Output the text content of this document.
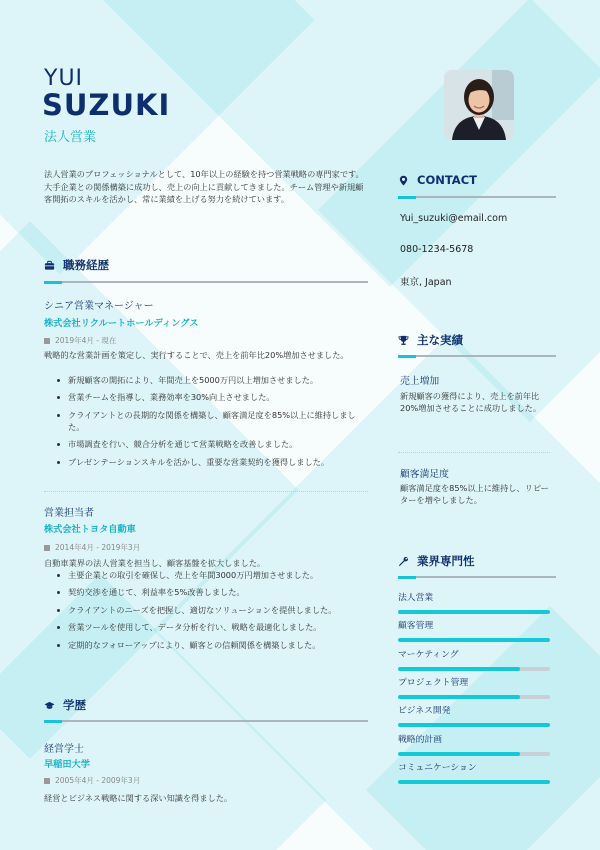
YUI
SUZUKI
法人営業
法人営業のプロフェッショナルとして、10年以上の経験を持つ営業戦略の専門家です。大手企業との関係構築に成功し、売上の向上に貢献してきました。チーム管理や新規顧客開拓のスキルを活かし、常に業績を上げる努力を続けています。
職務経歴
シニア営業マネージャー
株式会社リクルートホールディングス
2019年4月 - 現在
戦略的な営業計画を策定し、実行することで、売上を前年比20%増加させました。
新規顧客の開拓により、年間売上を5000万円以上増加させました。
営業チームを指導し、業務効率を30%向上させました。
クライアントとの長期的な関係を構築し、顧客満足度を85%以上に維持しました。
市場調査を行い、競合分析を通じて営業戦略を改善しました。
プレゼンテーションスキルを活かし、重要な営業契約を獲得しました。
営業担当者
株式会社トヨタ自動車
2014年4月 - 2019年3月
自動車業界の法人営業を担当し、顧客基盤を拡大しました。
主要企業との取引を確保し、売上を年間3000万円増加させました。
契約交渉を通じて、利益率を5%改善しました。
クライアントのニーズを把握し、適切なソリューションを提供しました。
営業ツールを使用して、データ分析を行い、戦略を最適化しました。
定期的なフォローアップにより、顧客との信頼関係を構築しました。
学歴
経営学士
早稲田大学
2005年4月 - 2009年3月
経営とビジネス戦略に関する深い知識を得ました。
CONTACT
Yui_suzuki@email.com
080-1234-5678
東京, Japan
主な実績
売上増加
新規顧客の獲得により、売上を前年比20%増加させることに成功しました。
顧客満足度
顧客満足度を85%以上に維持し、リピーターを増やしました。
業界専門性
法人営業
顧客管理
マーケティング
プロジェクト管理
ビジネス開発
戦略的計画
コミュニケーション
